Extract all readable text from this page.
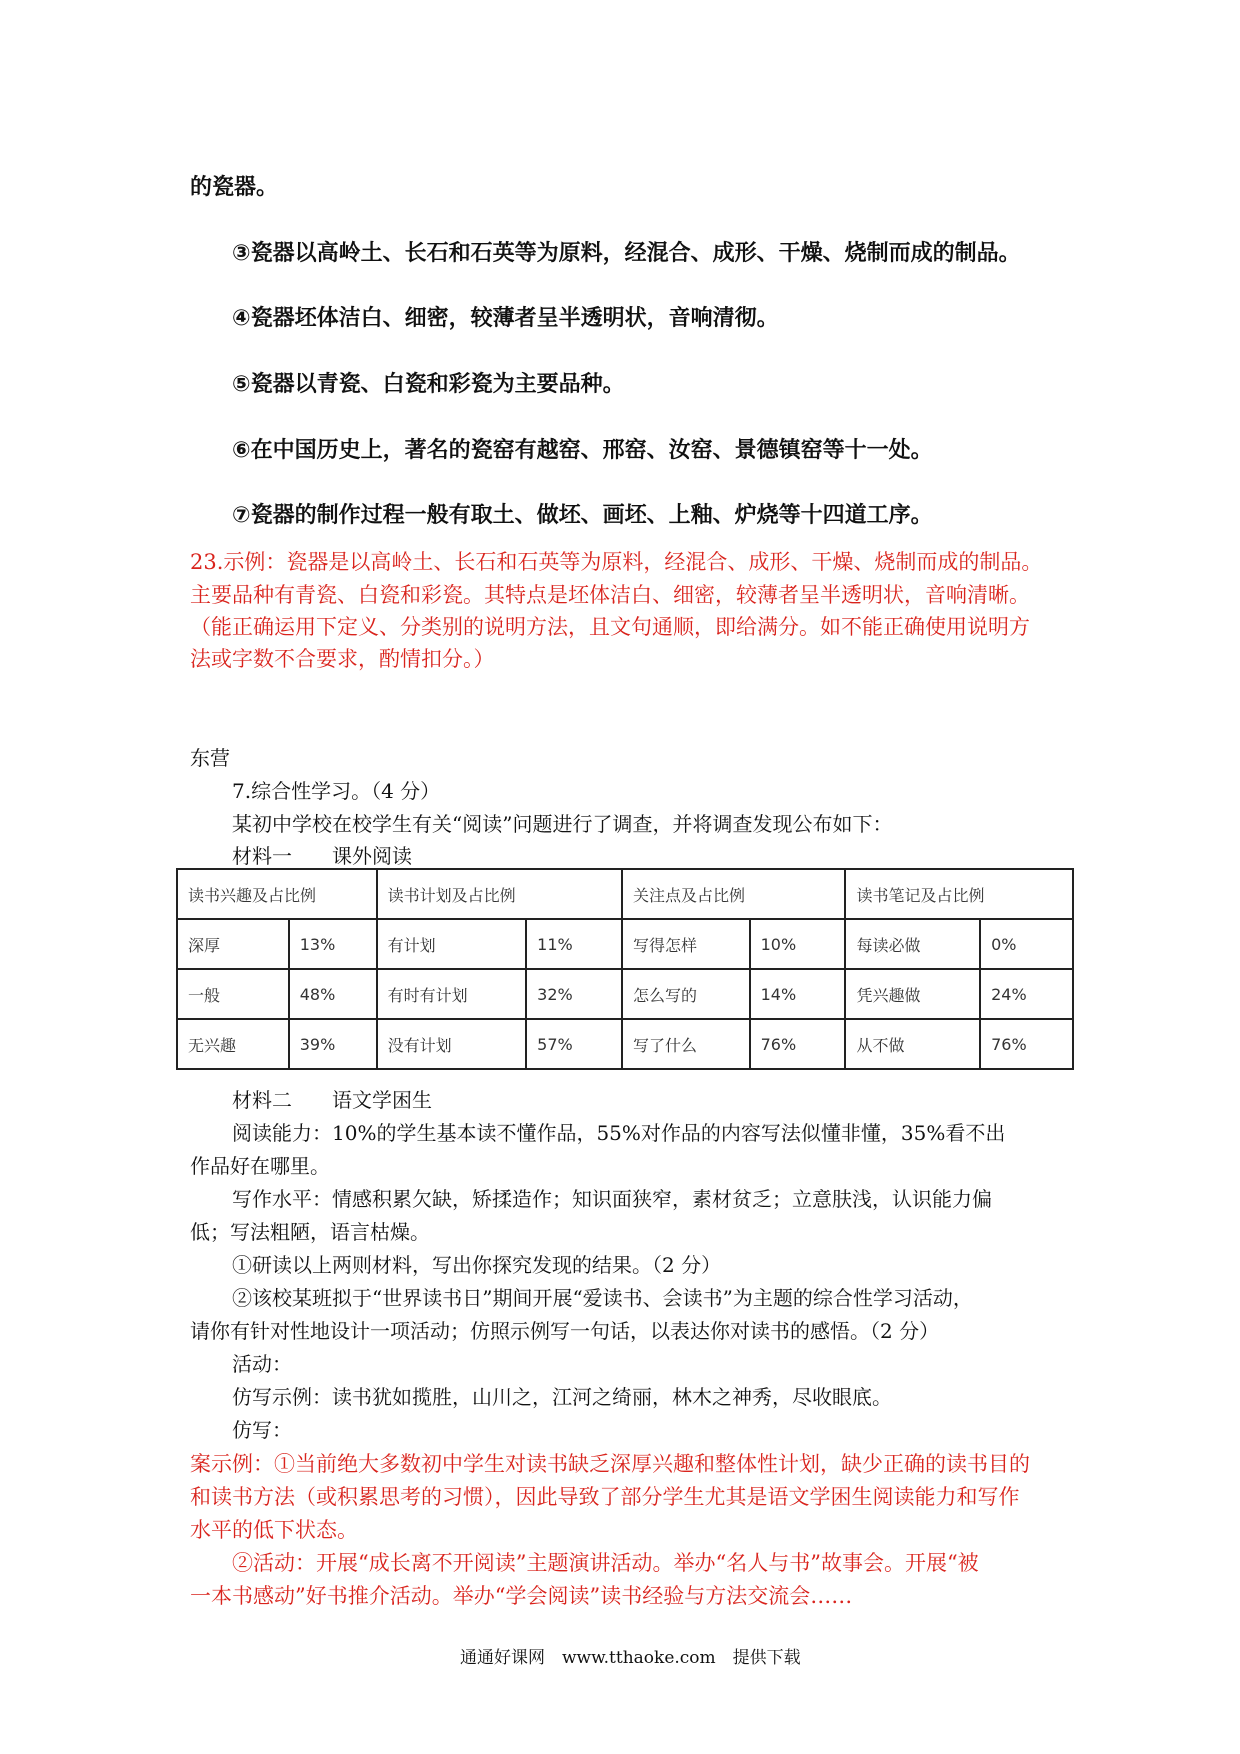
的瓷器。
③瓷器以高岭土、长石和石英等为原料，经混合、成形、干燥、烧制而成的制品。
④瓷器坯体洁白、细密，较薄者呈半透明状，音响清彻。
⑤瓷器以青瓷、白瓷和彩瓷为主要品种。
⑥在中国历史上，著名的瓷窑有越窑、邢窑、汝窑、景德镇窑等十一处。
⑦瓷器的制作过程一般有取土、做坯、画坯、上釉、炉烧等十四道工序。
23.示例：瓷器是以高岭土、长石和石英等为原料，经混合、成形、干燥、烧制而成的制品。
主要品种有青瓷、白瓷和彩瓷。其特点是坯体洁白、细密，较薄者呈半透明状，音响清晰。
（能正确运用下定义、分类别的说明方法，且文句通顺，即给满分。如不能正确使用说明方
法或字数不合要求，酌情扣分。）
东营
7.综合性学习。（4 分）
某初中学校在校学生有关“阅读”问题进行了调查，并将调查发现公布如下：
材料一　　课外阅读
读书兴趣及占比例		读书计划及占比例		关注点及占比例		读书笔记及占比例	
深厚	13%	有计划	11%	写得怎样	10%	每读必做	0%
一般	48%	有时有计划	32%	怎么写的	14%	凭兴趣做	24%
无兴趣	39%	没有计划	57%	写了什么	76%	从不做	76%
材料二　　语文学困生
阅读能力：10%的学生基本读不懂作品，55%对作品的内容写法似懂非懂，35%看不出
作品好在哪里。
写作水平：情感积累欠缺，矫揉造作；知识面狭窄，素材贫乏；立意肤浅，认识能力偏
低；写法粗陋，语言枯燥。
①研读以上两则材料，写出你探究发现的结果。（2 分）
②该校某班拟于“世界读书日”期间开展“爱读书、会读书”为主题的综合性学习活动，
请你有针对性地设计一项活动；仿照示例写一句话，以表达你对读书的感悟。（2 分）
活动：
仿写示例：读书犹如揽胜，山川之，江河之绮丽，林木之神秀，尽收眼底。
仿写：
案示例：①当前绝大多数初中学生对读书缺乏深厚兴趣和整体性计划，缺少正确的读书目的
和读书方法（或积累思考的习惯），因此导致了部分学生尤其是语文学困生阅读能力和写作
水平的低下状态。
②活动：开展“成长离不开阅读”主题演讲活动。举办“名人与书”故事会。开展“被
一本书感动”好书推介活动。举办“学会阅读”读书经验与方法交流会……
通通好课网　www.tthaoke.com　提供下载
